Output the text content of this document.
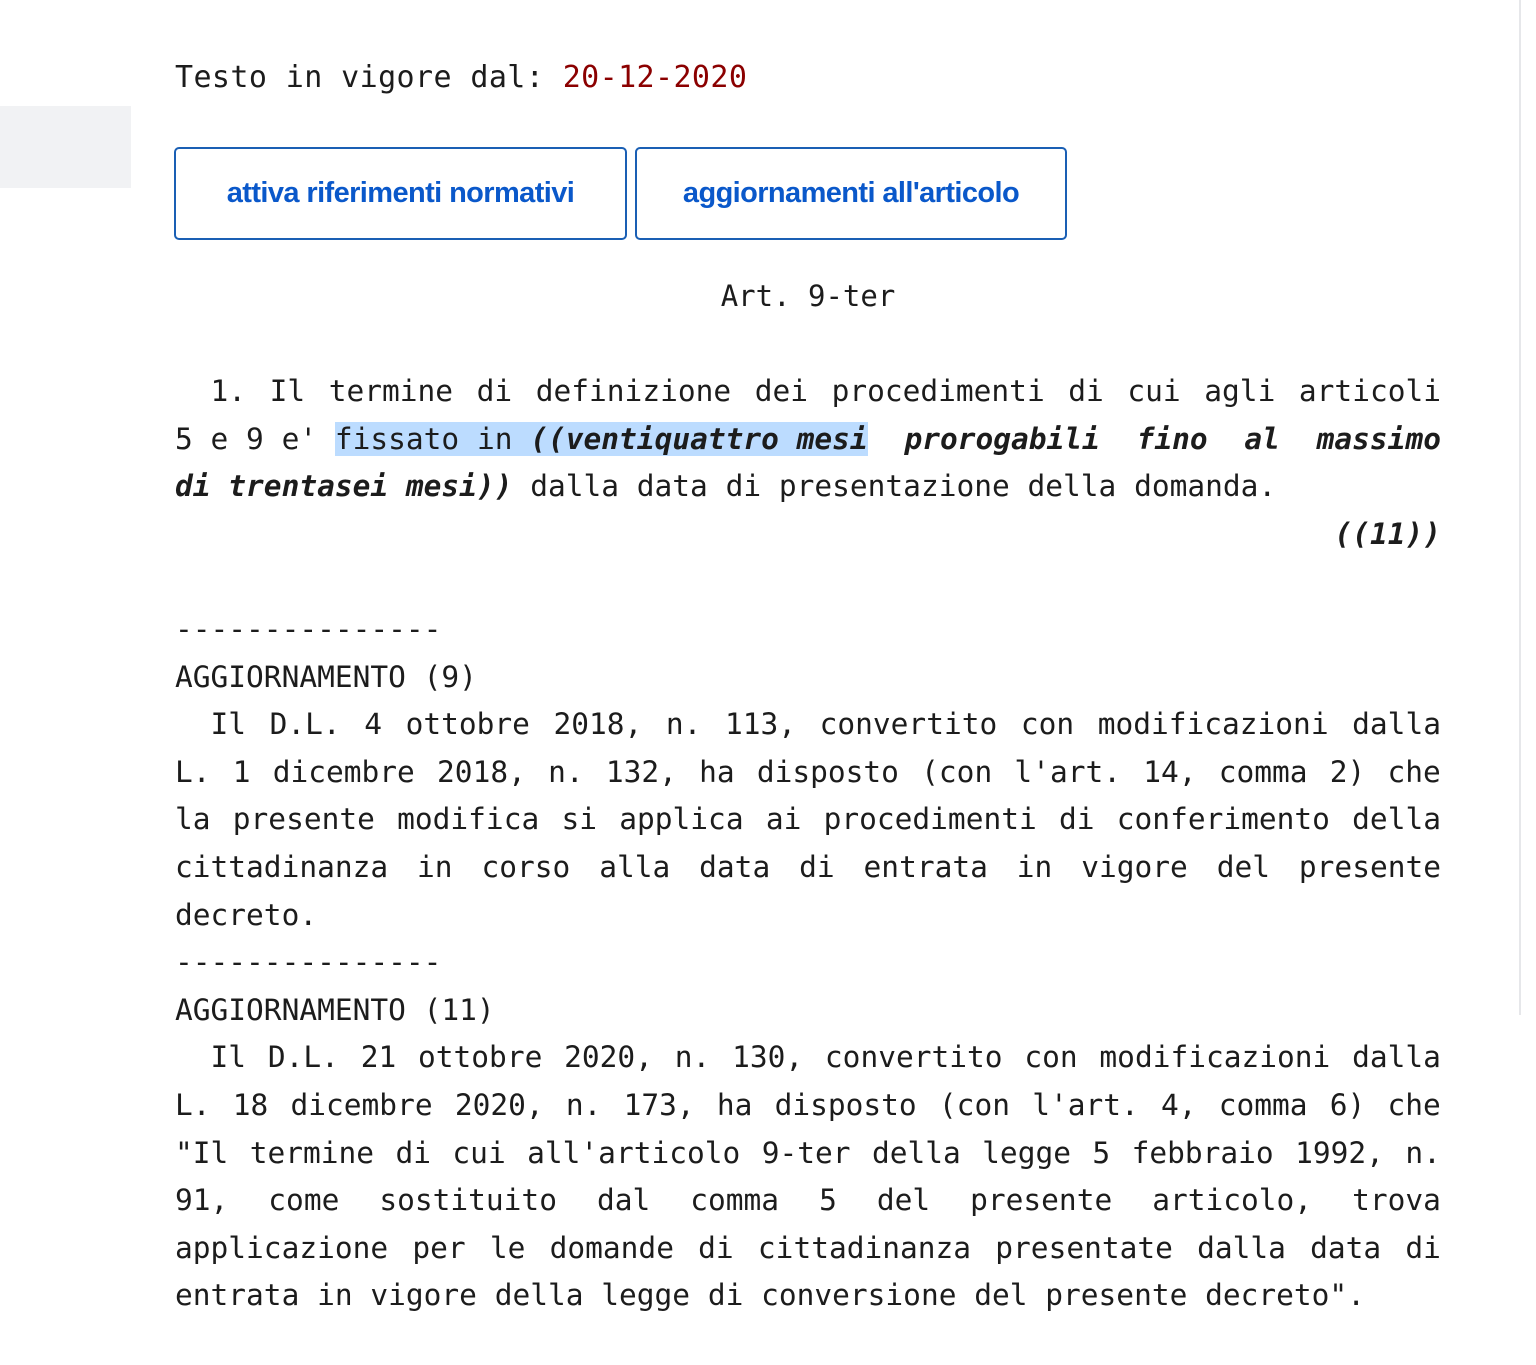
Testo in vigore dal: 20-12-2020
attiva riferimenti normativi	aggiornamenti all'articolo
Art. 9-ter
1. Il termine di definizione dei procedimenti di cui agli articoli
5 e 9 e' fissato in ((ventiquattro mesi prorogabili fino al massimo
di trentasei mesi)) dalla data di presentazione della domanda.
((11))
---------------
AGGIORNAMENTO (9)
Il D.L. 4 ottobre 2018, n. 113, convertito con modificazioni dalla
L. 1 dicembre 2018, n. 132, ha disposto (con l'art. 14, comma 2) che
la presente modifica si applica ai procedimenti di conferimento della
cittadinanza in corso alla data di entrata in vigore del presente
decreto.
---------------
AGGIORNAMENTO (11)
Il D.L. 21 ottobre 2020, n. 130, convertito con modificazioni dalla
L. 18 dicembre 2020, n. 173, ha disposto (con l'art. 4, comma 6) che
"Il termine di cui all'articolo 9-ter della legge 5 febbraio 1992, n.
91, come sostituito dal comma 5 del presente articolo, trova
applicazione per le domande di cittadinanza presentate dalla data di
entrata in vigore della legge di conversione del presente decreto".
